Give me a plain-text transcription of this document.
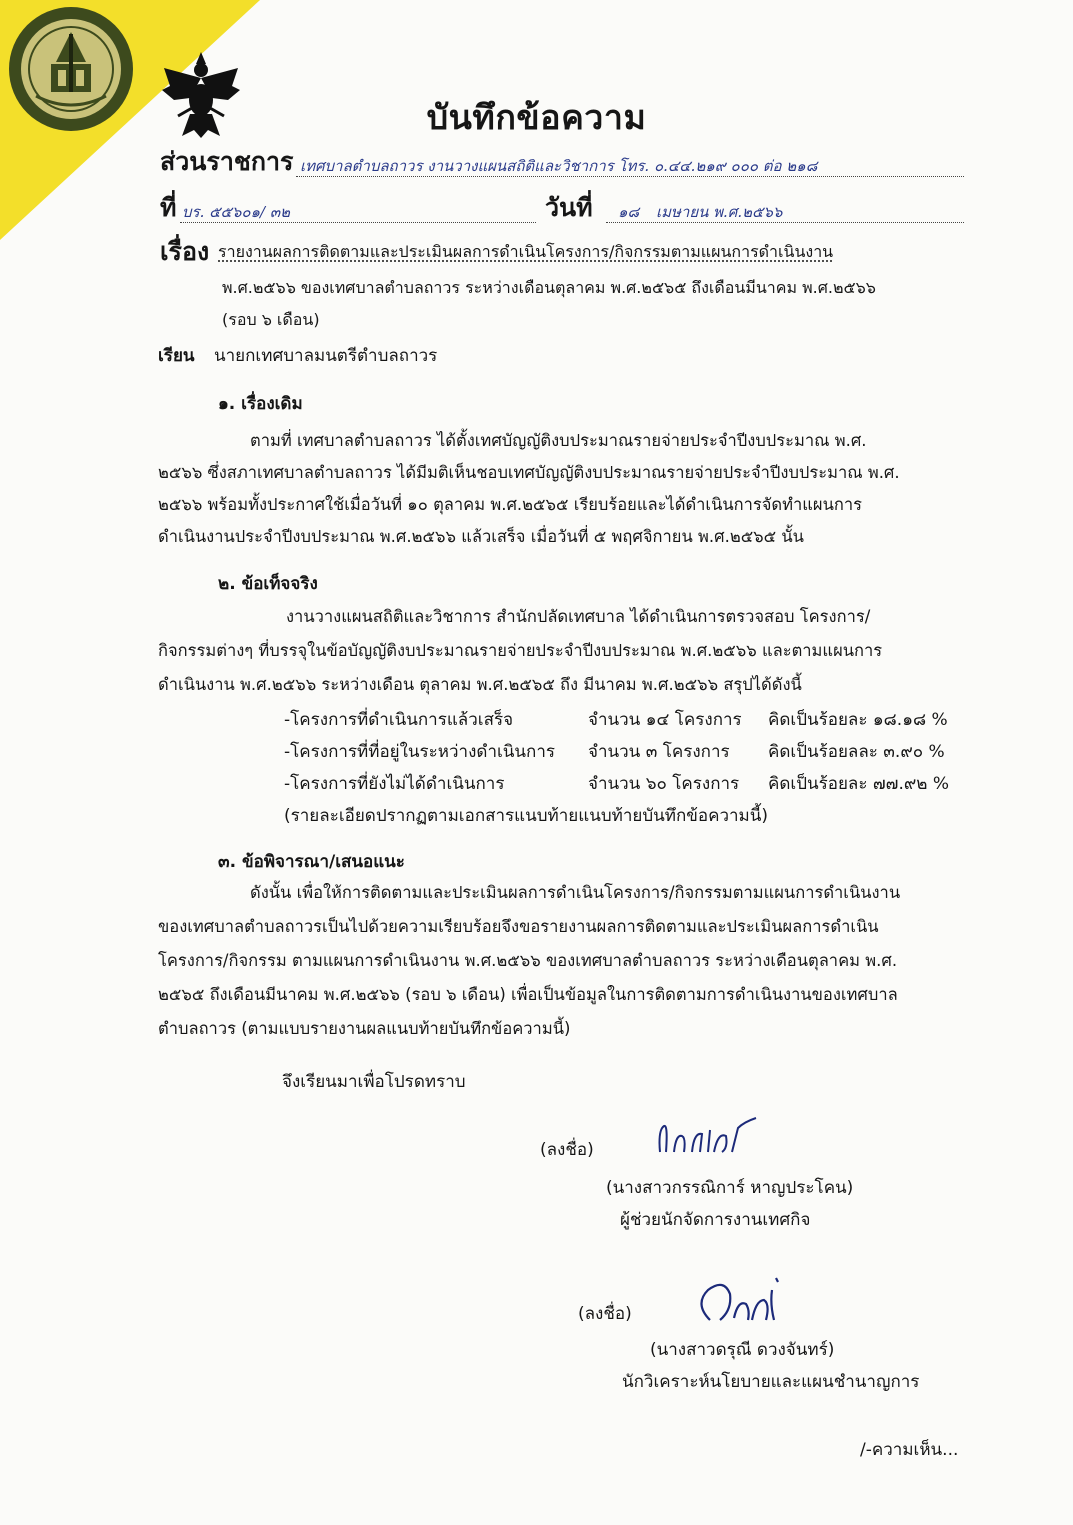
บันทึกข้อความ
ส่วนราชการ เทศบาลตำบลถาวร งานวางแผนสถิติและวิชาการ โทร. ๐.๔๔.๒๑๙ ๐๐๐ ต่อ ๒๑๘
ที่ บร. ๕๕๖๐๑/ ๓๒	วันที่ ๑๘ เมษายน พ.ศ.๒๕๖๖
เรื่อง รายงานผลการติดตามและประเมินผลการดำเนินโครงการ/กิจกรรมตามแผนการดำเนินงาน
พ.ศ.๒๕๖๖ ของเทศบาลตำบลถาวร ระหว่างเดือนตุลาคม พ.ศ.๒๕๖๕ ถึงเดือนมีนาคม พ.ศ.๒๕๖๖
(รอบ ๖ เดือน)
เรียน นายกเทศบาลมนตรีตำบลถาวร
๑. เรื่องเดิม
ตามที่ เทศบาลตำบลถาวร ได้ตั้งเทศบัญญัติงบประมาณรายจ่ายประจำปีงบประมาณ พ.ศ.
๒๕๖๖ ซึ่งสภาเทศบาลตำบลถาวร ได้มีมติเห็นชอบเทศบัญญัติงบประมาณรายจ่ายประจำปีงบประมาณ พ.ศ.
๒๕๖๖ พร้อมทั้งประกาศใช้เมื่อวันที่ ๑๐ ตุลาคม พ.ศ.๒๕๖๕ เรียบร้อยและได้ดำเนินการจัดทำแผนการ
ดำเนินงานประจำปีงบประมาณ พ.ศ.๒๕๖๖ แล้วเสร็จ เมื่อวันที่ ๕ พฤศจิกายน พ.ศ.๒๕๖๕ นั้น
๒. ข้อเท็จจริง
งานวางแผนสถิติและวิชาการ สำนักปลัดเทศบาล ได้ดำเนินการตรวจสอบ โครงการ/
กิจกรรมต่างๆ ที่บรรจุในข้อบัญญัติงบประมาณรายจ่ายประจำปีงบประมาณ พ.ศ.๒๕๖๖ และตามแผนการ
ดำเนินงาน พ.ศ.๒๕๖๖ ระหว่างเดือน ตุลาคม พ.ศ.๒๕๖๕ ถึง มีนาคม พ.ศ.๒๕๖๖ สรุปได้ดังนี้
-โครงการที่ดำเนินการแล้วเสร็จ	จำนวน ๑๔ โครงการ คิดเป็นร้อยละ ๑๘.๑๘ %
-โครงการที่ที่อยู่ในระหว่างดำเนินการ จำนวน ๓ โครงการ คิดเป็นร้อยลละ ๓.๙๐ %
-โครงการที่ยังไม่ได้ดำเนินการ	จำนวน ๖๐ โครงการ คิดเป็นร้อยละ ๗๗.๙๒ %
(รายละเอียดปรากฏตามเอกสารแนบท้ายแนบท้ายบันทึกข้อความนี้)
๓. ข้อพิจารณา/เสนอแนะ
ดังนั้น เพื่อให้การติดตามและประเมินผลการดำเนินโครงการ/กิจกรรมตามแผนการดำเนินงาน
ของเทศบาลตำบลถาวรเป็นไปด้วยความเรียบร้อยจึงขอรายงานผลการติดตามและประเมินผลการดำเนิน
โครงการ/กิจกรรม ตามแผนการดำเนินงาน พ.ศ.๒๕๖๖ ของเทศบาลตำบลถาวร ระหว่างเดือนตุลาคม พ.ศ.
๒๕๖๕ ถึงเดือนมีนาคม พ.ศ.๒๕๖๖ (รอบ ๖ เดือน) เพื่อเป็นข้อมูลในการติดตามการดำเนินงานของเทศบาล
ตำบลถาวร (ตามแบบรายงานผลแนบท้ายบันทึกข้อความนี้)
จึงเรียนมาเพื่อโปรดทราบ
(ลงชื่อ)
(นางสาวกรรณิการ์ หาญประโคน)
ผู้ช่วยนักจัดการงานเทศกิจ
(ลงชื่อ)
(นางสาวดรุณี ดวงจันทร์)
นักวิเคราะห์นโยบายและแผนชำนาญการ
/-ความเห็น...
